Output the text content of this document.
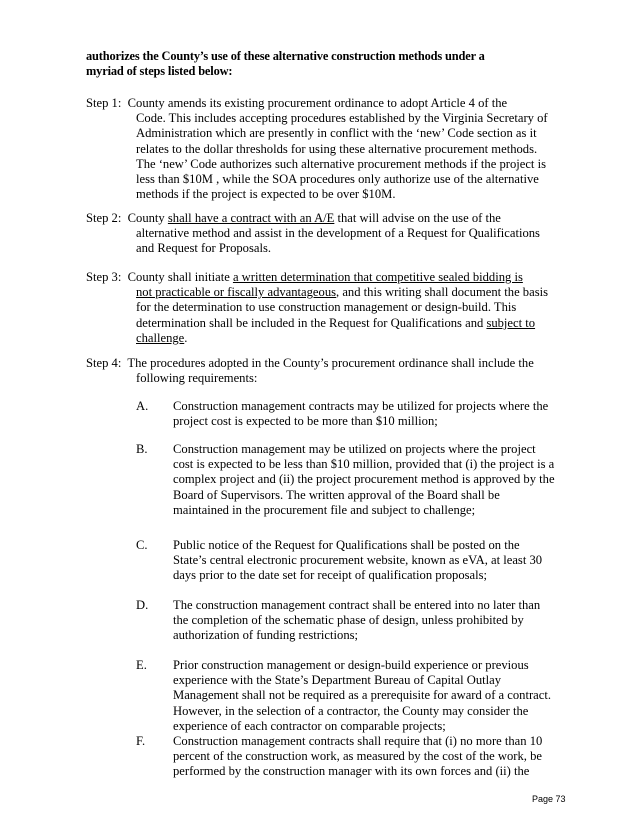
authorizes the County’s use of these alternative construction methods under a
myriad of steps listed below:
Step 1: County amends its existing procurement ordinance to adopt Article 4 of the
Code. This includes accepting procedures established by the Virginia Secretary of Administration which are presently in conflict with the ‘new’ Code section as it relates to the dollar thresholds for using these alternative procurement methods. The ‘new’ Code authorizes such alternative procurement methods if the project is less than $10M , while the SOA procedures only authorize use of the alternative methods if the project is expected to be over $10M.
Step 2: County shall have a contract with an A/E that will advise on the use of the
alternative method and assist in the development of a Request for Qualifications and Request for Proposals.
Step 3: County shall initiate a written determination that competitive sealed bidding is
not practicable or fiscally advantageous, and this writing shall document the basis for the determination to use construction management or design-build. This determination shall be included in the Request for Qualifications and subject to challenge.
Step 4: The procedures adopted in the County’s procurement ordinance shall include the
following requirements:
A.	Construction management contracts may be utilized for projects where the project cost is expected to be more than $10 million;
B.	Construction management may be utilized on projects where the project cost is expected to be less than $10 million, provided that (i) the project is a complex project and (ii) the project procurement method is approved by the Board of Supervisors. The written approval of the Board shall be maintained in the procurement file and subject to challenge;
C.	Public notice of the Request for Qualifications shall be posted on the State’s central electronic procurement website, known as eVA, at least 30 days prior to the date set for receipt of qualification proposals;
D.	The construction management contract shall be entered into no later than the completion of the schematic phase of design, unless prohibited by authorization of funding restrictions;
E.	Prior construction management or design-build experience or previous experience with the State’s Department Bureau of Capital Outlay Management shall not be required as a prerequisite for award of a contract. However, in the selection of a contractor, the County may consider the experience of each contractor on comparable projects;
F.	Construction management contracts shall require that (i) no more than 10 percent of the construction work, as measured by the cost of the work, be performed by the construction manager with its own forces and (ii) the
Page 73
